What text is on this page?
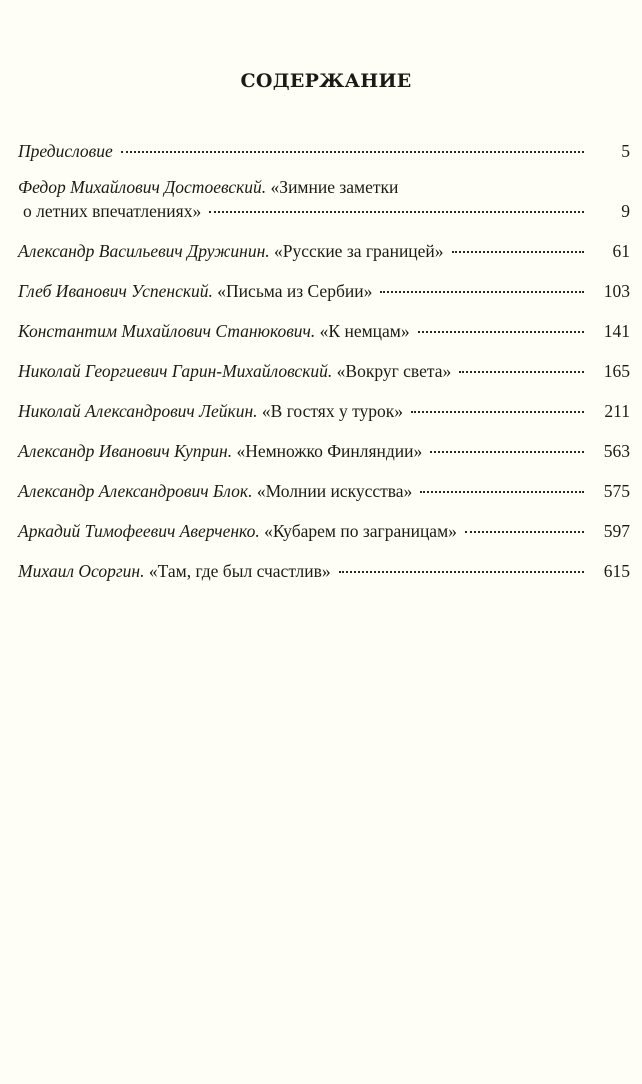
СОДЕРЖАНИЕ
Предисловие	5
Федор Михайлович Достоевский. «Зимние заметки
о летних впечатлениях»	9
Александр Васильевич Дружинин. «Русские за границей»	61
Глеб Иванович Успенский. «Письма из Сербии»	103
Константим Михайлович Станюкович. «К немцам»	141
Николай Георгиевич Гарин-Михайловский. «Вокруг света»	165
Николай Александрович Лейкин. «В гостях у турок»	211
Александр Иванович Куприн. «Немножко Финляндии»	563
Александр Александрович Блок. «Молнии искусства»	575
Аркадий Тимофеевич Аверченко. «Кубарем по заграницам»	597
Михаил Осоргин. «Там, где был счастлив»	615
